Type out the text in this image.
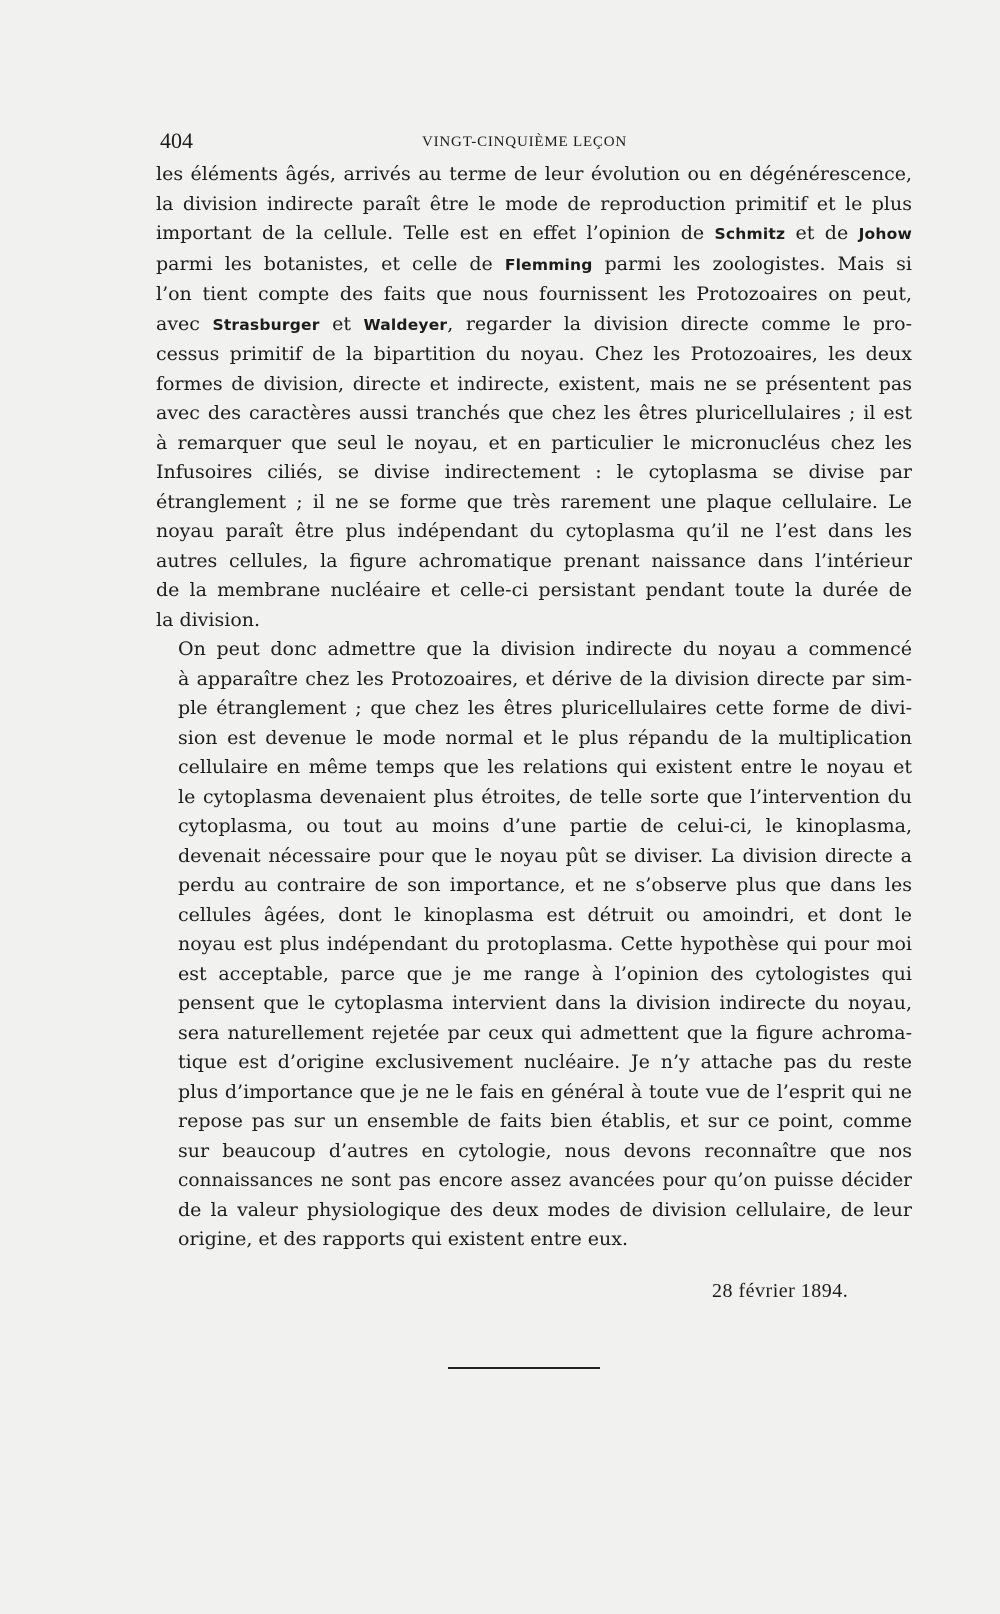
404	VINGT-CINQUIÈME LEÇON

les éléments âgés, arrivés au terme de leur évolution ou en dégénérescence,
la division indirecte paraît être le mode de reproduction primitif et le plus
important de la cellule. Telle est en effet l’opinion de Schmitz et de Johow
parmi les botanistes, et celle de Flemming parmi les zoologistes. Mais si
l’on tient compte des faits que nous fournissent les Protozoaires on peut,
avec Strasburger et Waldeyer, regarder la division directe comme le pro-
cessus primitif de la bipartition du noyau. Chez les Protozoaires, les deux
formes de division, directe et indirecte, existent, mais ne se présentent pas
avec des caractères aussi tranchés que chez les êtres pluricellulaires ; il est
à remarquer que seul le noyau, et en particulier le micronucléus chez les
Infusoires ciliés, se divise indirectement : le cytoplasma se divise par
étranglement ; il ne se forme que très rarement une plaque cellulaire. Le
noyau paraît être plus indépendant du cytoplasma qu’il ne l’est dans les
autres cellules, la figure achromatique prenant naissance dans l’intérieur
de la membrane nucléaire et celle-ci persistant pendant toute la durée de
la division.

On peut donc admettre que la division indirecte du noyau a commencé
à apparaître chez les Protozoaires, et dérive de la division directe par sim-
ple étranglement ; que chez les êtres pluricellulaires cette forme de divi-
sion est devenue le mode normal et le plus répandu de la multiplication
cellulaire en même temps que les relations qui existent entre le noyau et
le cytoplasma devenaient plus étroites, de telle sorte que l’intervention du
cytoplasma, ou tout au moins d’une partie de celui-ci, le kinoplasma,
devenait nécessaire pour que le noyau pût se diviser. La division directe a
perdu au contraire de son importance, et ne s’observe plus que dans les
cellules âgées, dont le kinoplasma est détruit ou amoindri, et dont le
noyau est plus indépendant du protoplasma. Cette hypothèse qui pour moi
est acceptable, parce que je me range à l’opinion des cytologistes qui
pensent que le cytoplasma intervient dans la division indirecte du noyau,
sera naturellement rejetée par ceux qui admettent que la figure achroma-
tique est d’origine exclusivement nucléaire. Je n’y attache pas du reste
plus d’importance que je ne le fais en général à toute vue de l’esprit qui ne
repose pas sur un ensemble de faits bien établis, et sur ce point, comme
sur beaucoup d’autres en cytologie, nous devons reconnaître que nos
connaissances ne sont pas encore assez avancées pour qu’on puisse décider
de la valeur physiologique des deux modes de division cellulaire, de leur
origine, et des rapports qui existent entre eux.

28 février 1894.
